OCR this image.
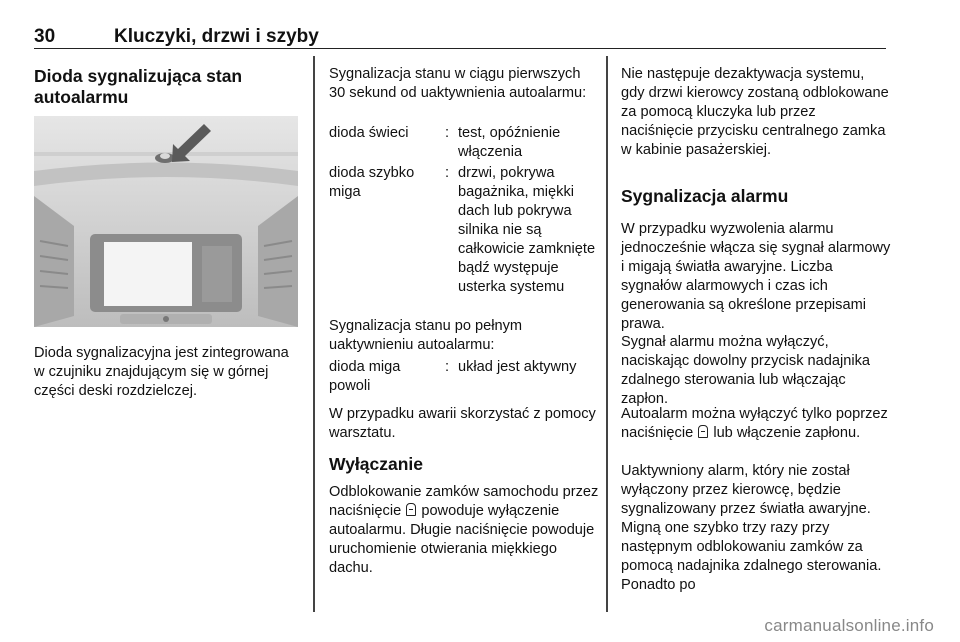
30	Kluczyki, drzwi i szyby
Dioda sygnalizująca stan autoalarmu

Dioda sygnalizacyjna jest zintegrowana w czujniku znajdującym się w górnej części deski rozdzielczej.

Sygnalizacja stanu w ciągu pierwszych 30 sekund od uaktywnienia autoalarmu:

dioda świeci	: test, opóźnienie włączenia
dioda szybko miga
: drzwi, pokrywa bagażnika, miękki dach lub pokrywa silnika nie są całkowicie zamknięte bądź występuje usterka systemu

Sygnalizacja stanu po pełnym uaktywnieniu autoalarmu:

dioda miga powoli
: układ jest aktywny

W przypadku awarii skorzystać z pomocy warsztatu.

Wyłączanie

Odblokowanie zamków samochodu przez naciśnięcie powoduje wyłączenie autoalarmu. Długie naciśnięcie powoduje uruchomienie otwierania miękkiego dachu.

Nie następuje dezaktywacja systemu, gdy drzwi kierowcy zostaną odblokowane za pomocą kluczyka lub przez naciśnięcie przycisku centralnego zamka w kabinie pasażerskiej.

Sygnalizacja alarmu

W przypadku wyzwolenia alarmu jednocześnie włącza się sygnał alarmowy i migają światła awaryjne. Liczba sygnałów alarmowych i czas ich generowania są określone przepisami prawa.

Sygnał alarmu można wyłączyć, naciskając dowolny przycisk nadajnika zdalnego sterowania lub włączając zapłon.

Autoalarm można wyłączyć tylko poprzez naciśnięcie lub włączenie zapłonu.

Uaktywniony alarm, który nie został wyłączony przez kierowcę, będzie sygnalizowany przez światła awaryjne. Migną one szybko trzy razy przy następnym odblokowaniu zamków za pomocą nadajnika zdalnego sterowania. Ponadto po

carmanualsonline.info
